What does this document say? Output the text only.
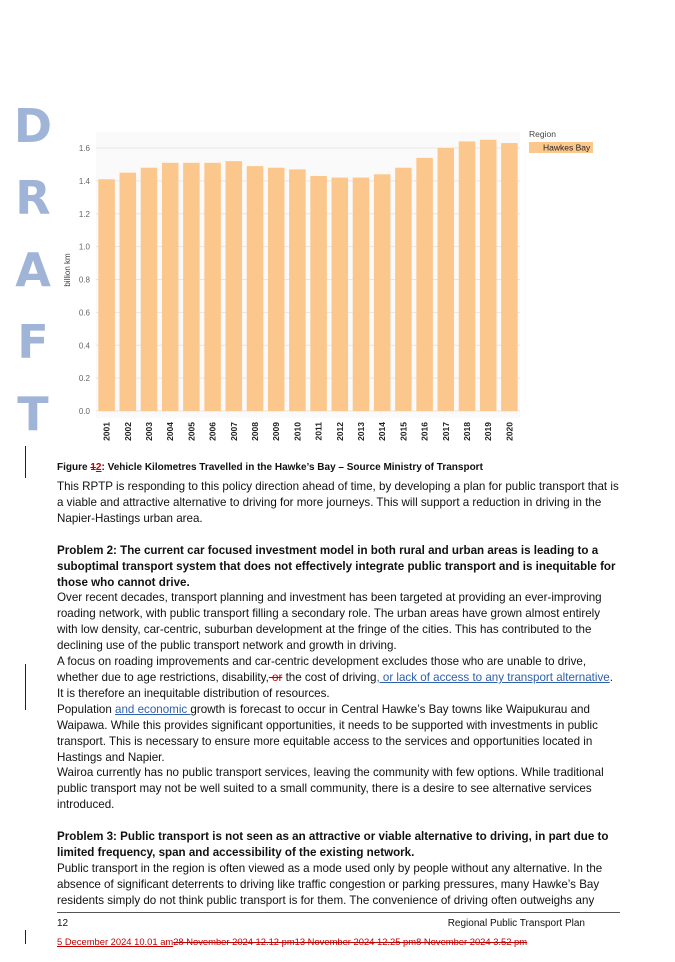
D
R
A
F
T	0.0
0.2
0.4
0.6
0.8
1.0
1.2
1.4
1.6
billion km
2001 2002 2003 2004 2005 2006 2007 2008 2009 2010 2011 2012 2013 2014 2015 2016 2017 2018 2019 2020
Region
Hawkes Bay
Figure 12: Vehicle Kilometres Travelled in the Hawke’s Bay – Source Ministry of Transport

This RPTP is responding to this policy direction ahead of time, by developing a plan for public transport that is a viable and attractive alternative to driving for more journeys. This will support a reduction in driving in the Napier-Hastings urban area.

Problem 2: The current car focused investment model in both rural and urban areas is leading to a suboptimal transport system that does not effectively integrate public transport and is inequitable for those who cannot drive.

Over recent decades, transport planning and investment has been targeted at providing an ever-improving roading network, with public transport filling a secondary role. The urban areas have grown almost entirely with low density, car-centric, suburban development at the fringe of the cities. This has contributed to the declining use of the public transport network and growth in driving.

A focus on roading improvements and car-centric development excludes those who are unable to drive, whether due to age restrictions, disability, or the cost of driving, or lack of access to any transport alternative. It is therefore an inequitable distribution of resources.

Population and economic growth is forecast to occur in Central Hawke’s Bay towns like Waipukurau and Waipawa. While this provides significant opportunities, it needs to be supported with investments in public transport. This is necessary to ensure more equitable access to the services and opportunities located in Hastings and Napier.

Wairoa currently has no public transport services, leaving the community with few options. While traditional public transport may not be well suited to a small community, there is a desire to see alternative services introduced.

Problem 3: Public transport is not seen as an attractive or viable alternative to driving, in part due to limited frequency, span and accessibility of the existing network.

Public transport in the region is often viewed as a mode used only by people without any alternative. In the absence of significant deterrents to driving like traffic congestion or parking pressures, many Hawke’s Bay residents simply do not think public transport is for them. The convenience of driving often outweighs any

12	Regional Public Transport Plan
5 December 2024 10.01 am28 November 2024 12.12 pm13 November 2024 12.25 pm8 November 2024 3.52 pm
